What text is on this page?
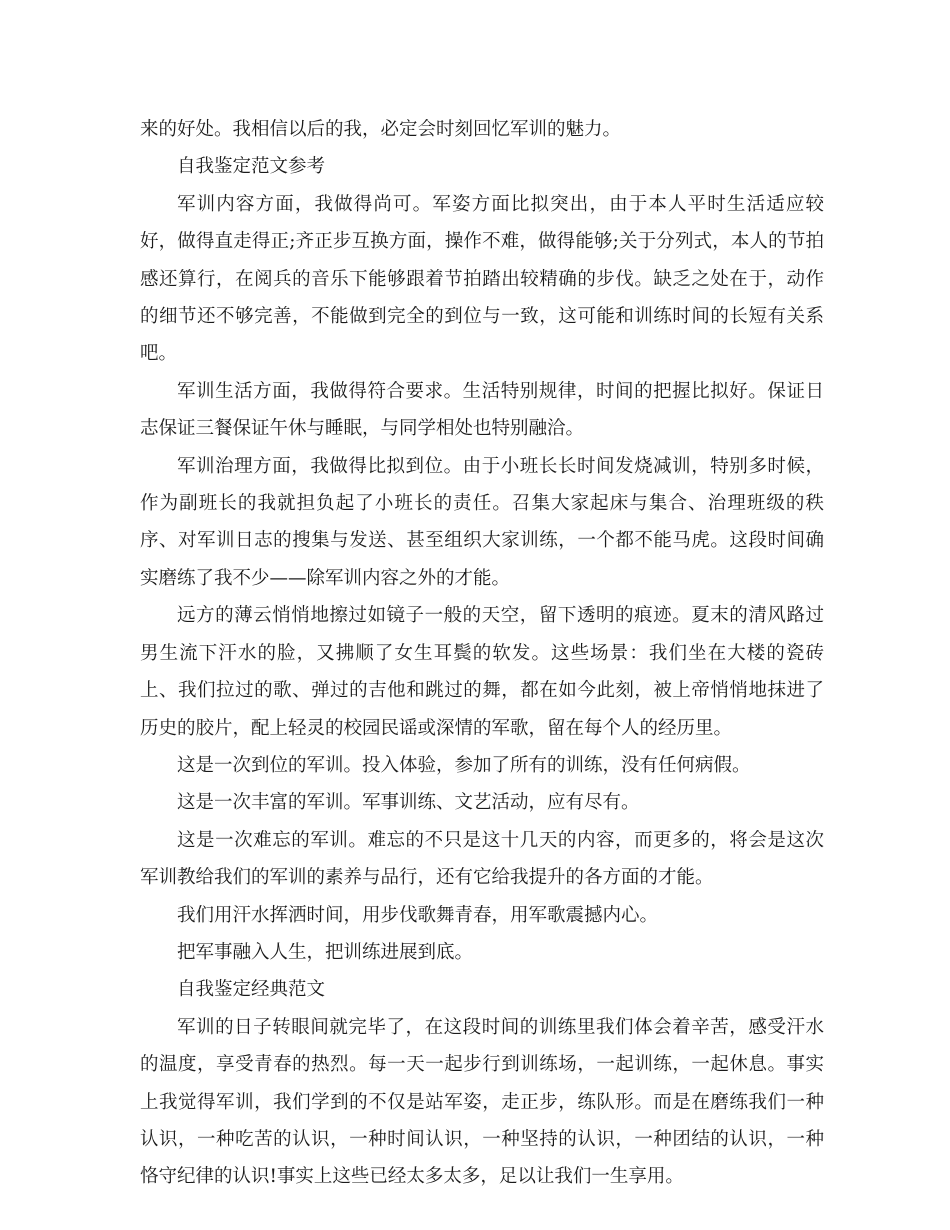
来的好处。我相信以后的我，必定会时刻回忆军训的魅力。

自我鉴定范文参考

军训内容方面，我做得尚可。军姿方面比拟突出，由于本人平时生活适应较好，做得直走得正;齐正步互换方面，操作不难，做得能够;关于分列式，本人的节拍感还算行，在阅兵的音乐下能够跟着节拍踏出较精确的步伐。缺乏之处在于，动作的细节还不够完善，不能做到完全的到位与一致，这可能和训练时间的长短有关系吧。

军训生活方面，我做得符合要求。生活特别规律，时间的把握比拟好。保证日志保证三餐保证午休与睡眠，与同学相处也特别融洽。

军训治理方面，我做得比拟到位。由于小班长长时间发烧减训，特别多时候，作为副班长的我就担负起了小班长的责任。召集大家起床与集合、治理班级的秩序、对军训日志的搜集与发送、甚至组织大家训练，一个都不能马虎。这段时间确实磨练了我不少——除军训内容之外的才能。

远方的薄云悄悄地擦过如镜子一般的天空，留下透明的痕迹。夏末的清风路过男生流下汗水的脸，又拂顺了女生耳鬓的软发。这些场景：我们坐在大楼的瓷砖上、我们拉过的歌、弹过的吉他和跳过的舞，都在如今此刻，被上帝悄悄地抹进了历史的胶片，配上轻灵的校园民谣或深情的军歌，留在每个人的经历里。

这是一次到位的军训。投入体验，参加了所有的训练，没有任何病假。

这是一次丰富的军训。军事训练、文艺活动，应有尽有。

这是一次难忘的军训。难忘的不只是这十几天的内容，而更多的，将会是这次军训教给我们的军训的素养与品行，还有它给我提升的各方面的才能。

我们用汗水挥洒时间，用步伐歌舞青春，用军歌震撼内心。

把军事融入人生，把训练进展到底。

自我鉴定经典范文

军训的日子转眼间就完毕了，在这段时间的训练里我们体会着辛苦，感受汗水的温度，享受青春的热烈。每一天一起步行到训练场，一起训练，一起休息。事实上我觉得军训，我们学到的不仅是站军姿，走正步，练队形。而是在磨练我们一种认识，一种吃苦的认识，一种时间认识，一种坚持的认识，一种团结的认识，一种恪守纪律的认识!事实上这些已经太多太多，足以让我们一生享用。
